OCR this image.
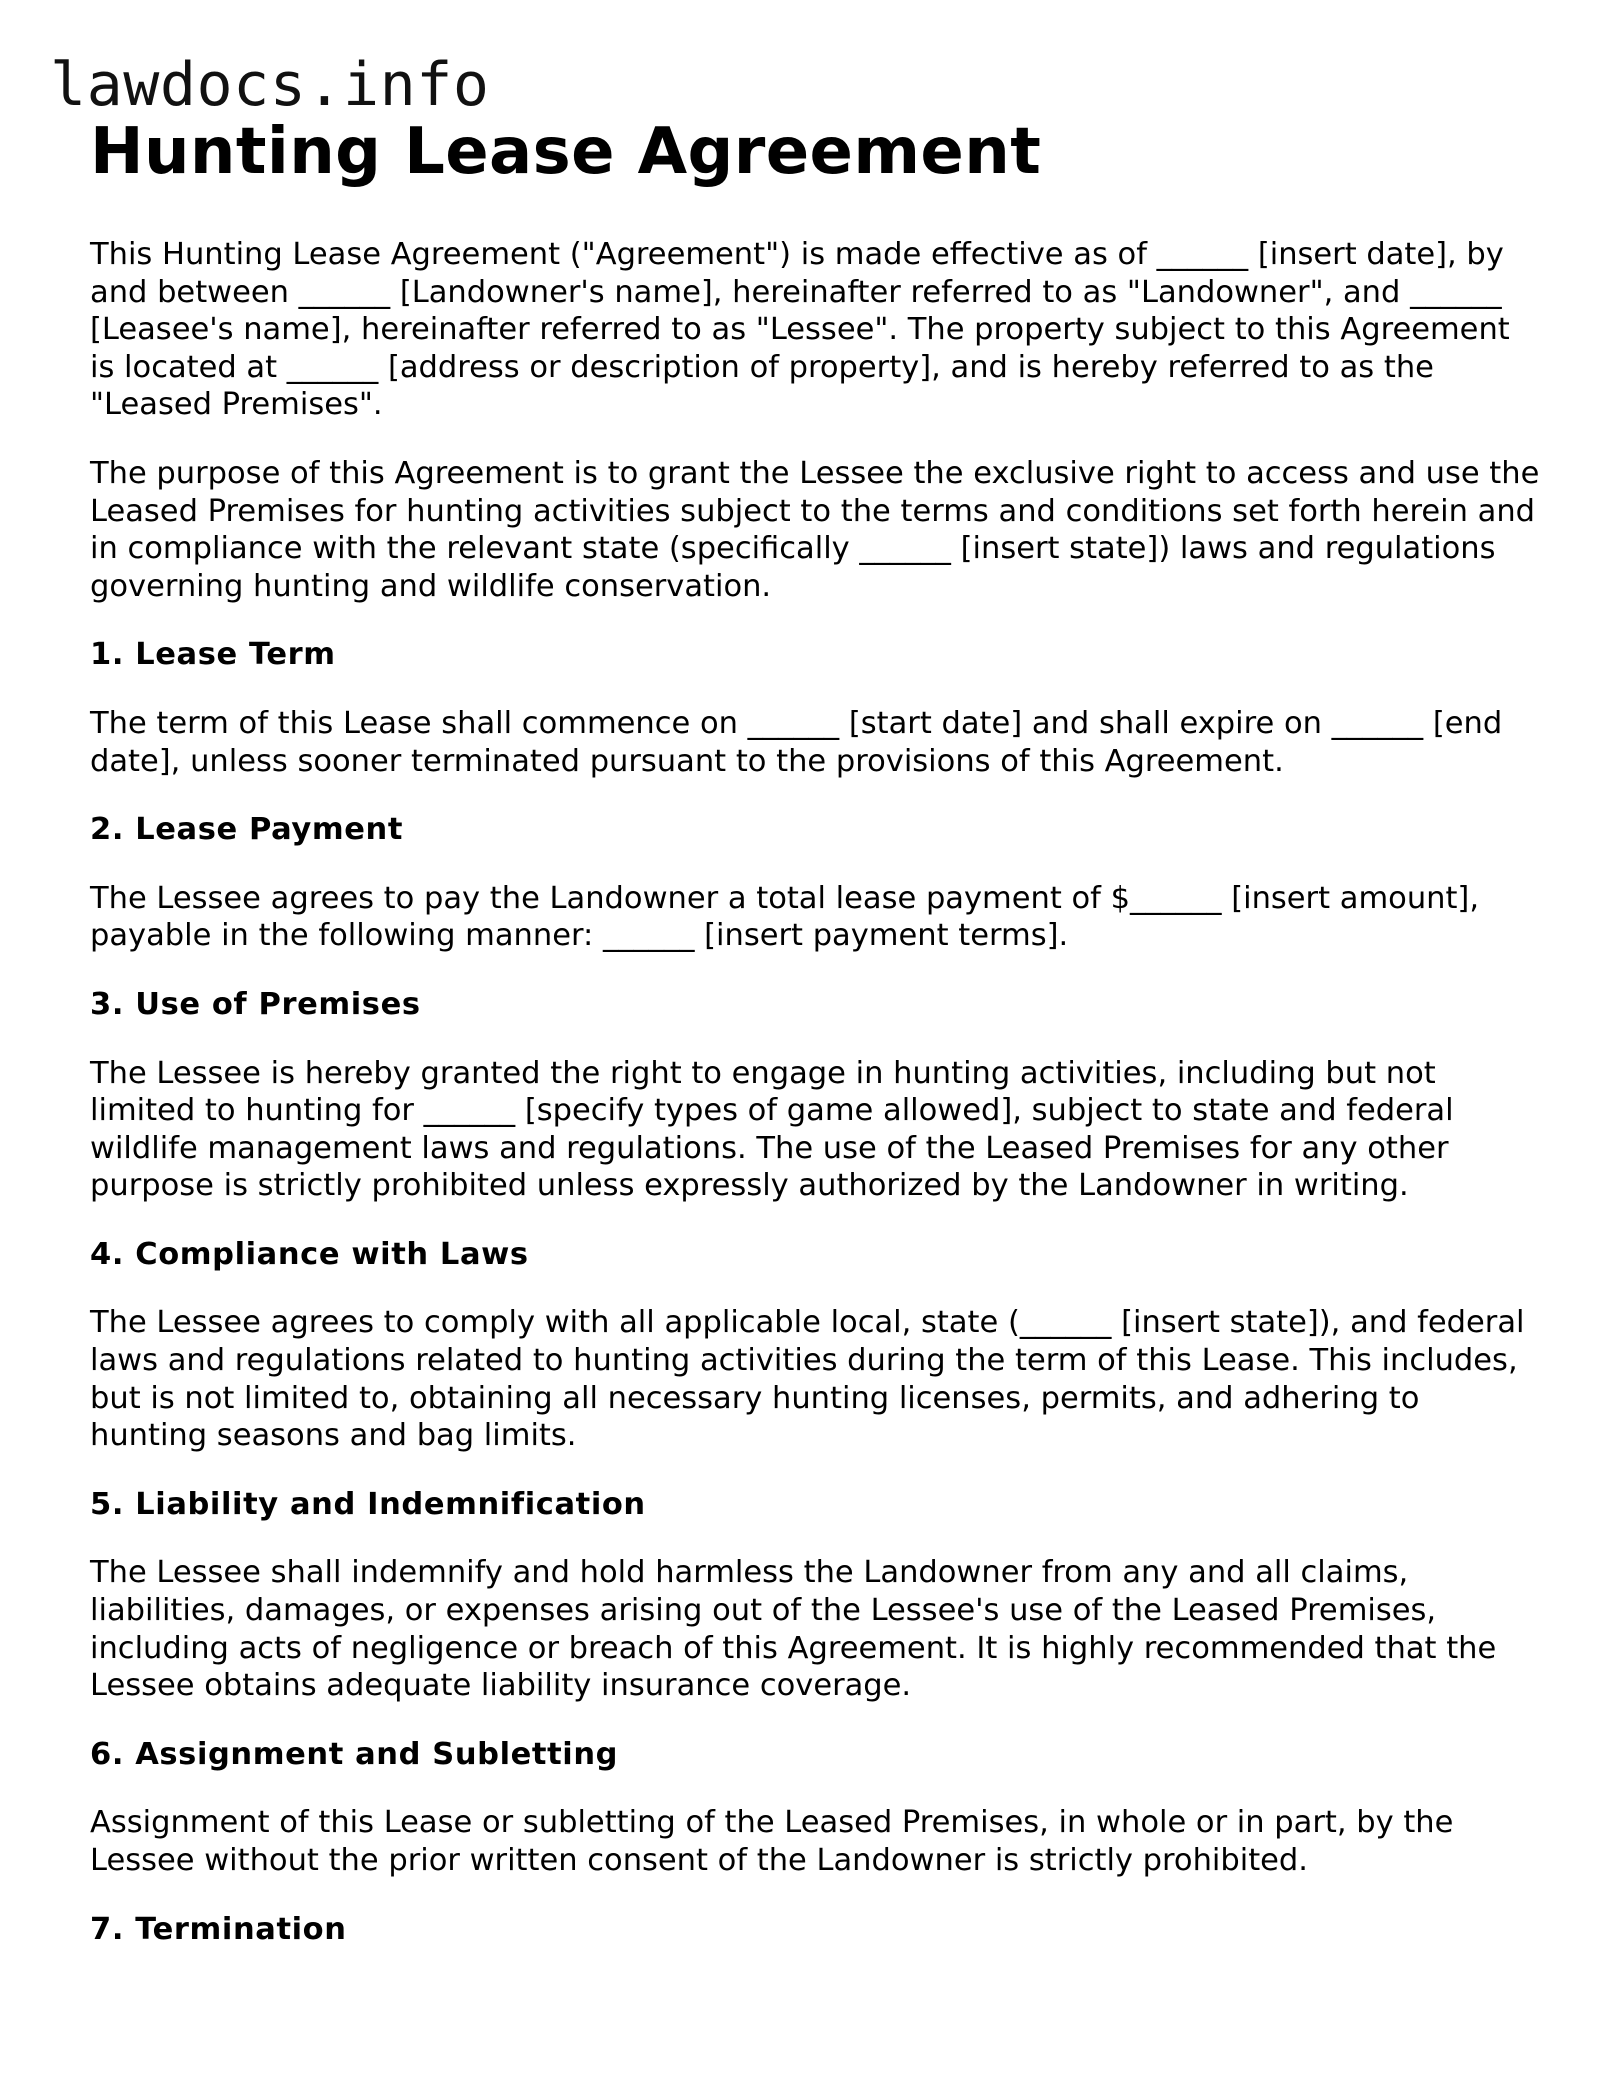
lawdocs.info
Hunting Lease Agreement

This Hunting Lease Agreement ("Agreement") is made effective as of ______ [insert date], by and between ______ [Landowner's name], hereinafter referred to as "Landowner", and ______ [Leasee's name], hereinafter referred to as "Lessee". The property subject to this Agreement is located at ______ [address or description of property], and is hereby referred to as the "Leased Premises".

The purpose of this Agreement is to grant the Lessee the exclusive right to access and use the Leased Premises for hunting activities subject to the terms and conditions set forth herein and in compliance with the relevant state (specifically ______ [insert state]) laws and regulations governing hunting and wildlife conservation.

1. Lease Term

The term of this Lease shall commence on ______ [start date] and shall expire on ______ [end date], unless sooner terminated pursuant to the provisions of this Agreement.

2. Lease Payment

The Lessee agrees to pay the Landowner a total lease payment of $______ [insert amount], payable in the following manner: ______ [insert payment terms].

3. Use of Premises

The Lessee is hereby granted the right to engage in hunting activities, including but not limited to hunting for ______ [specify types of game allowed], subject to state and federal wildlife management laws and regulations. The use of the Leased Premises for any other purpose is strictly prohibited unless expressly authorized by the Landowner in writing.

4. Compliance with Laws

The Lessee agrees to comply with all applicable local, state (______ [insert state]), and federal laws and regulations related to hunting activities during the term of this Lease. This includes, but is not limited to, obtaining all necessary hunting licenses, permits, and adhering to hunting seasons and bag limits.

5. Liability and Indemnification

The Lessee shall indemnify and hold harmless the Landowner from any and all claims, liabilities, damages, or expenses arising out of the Lessee's use of the Leased Premises, including acts of negligence or breach of this Agreement. It is highly recommended that the Lessee obtains adequate liability insurance coverage.

6. Assignment and Subletting

Assignment of this Lease or subletting of the Leased Premises, in whole or in part, by the Lessee without the prior written consent of the Landowner is strictly prohibited.

7. Termination
